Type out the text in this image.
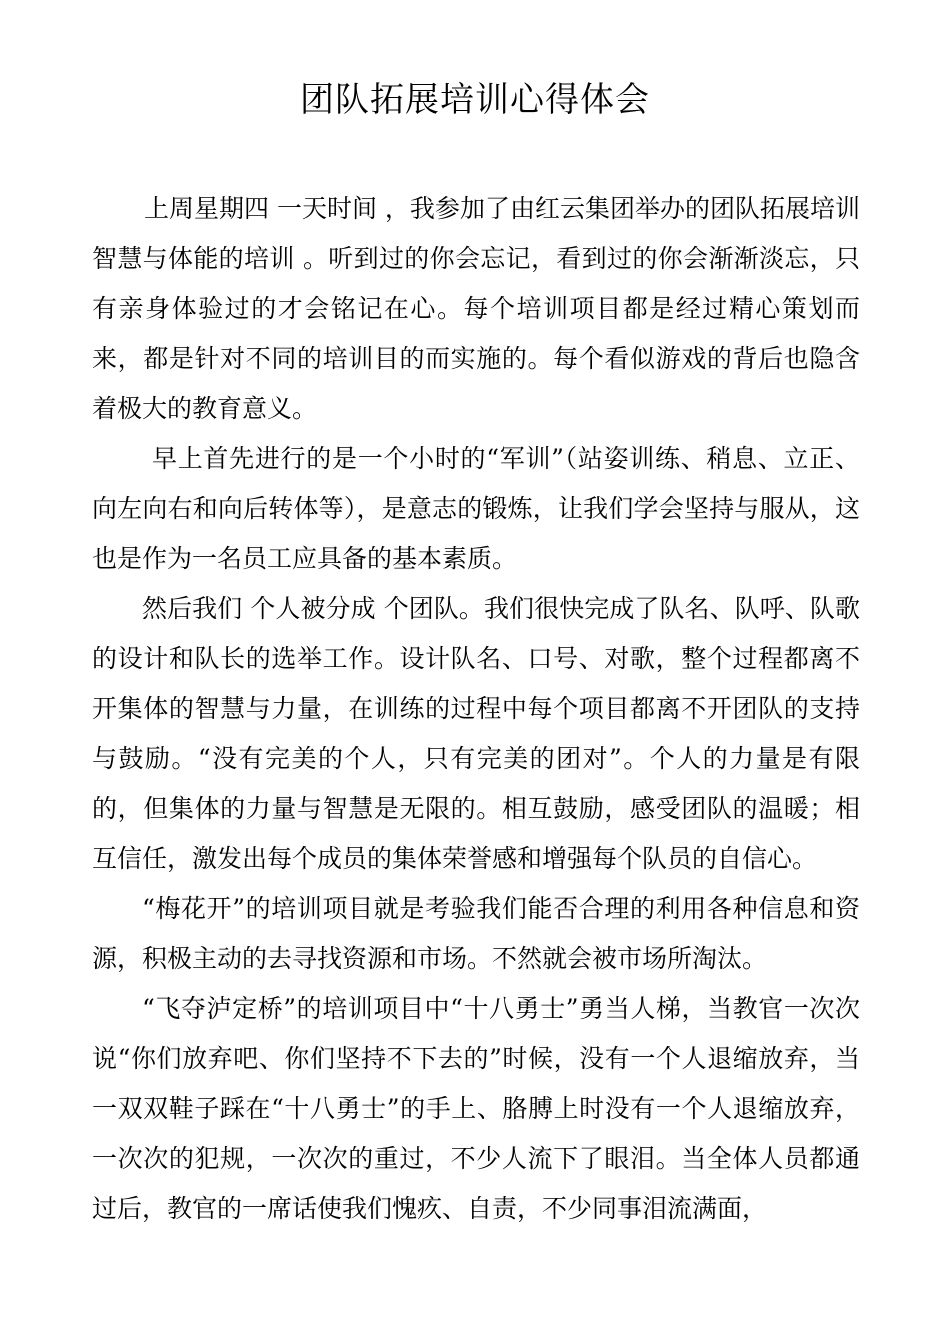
团队拓展培训心得体会

上周星期四 一天时间 ，我参加了由红云集团举办的团队拓展培训 智慧与体能的培训 。听到过的你会忘记，看到过的你会渐渐淡忘，只有亲身体验过的才会铭记在心。每个培训项目都是经过精心策划而来，都是针对不同的培训目的而实施的。每个看似游戏的背后也隐含着极大的教育意义。

早上首先进行的是一个小时的“军训”（站姿训练、稍息、立正、向左向右和向后转体等），是意志的锻炼，让我们学会坚持与服从，这也是作为一名员工应具备的基本素质。

然后我们 个人被分成 个团队。我们很快完成了队名、队呼、队歌的设计和队长的选举工作。设计队名、口号、对歌，整个过程都离不开集体的智慧与力量，在训练的过程中每个项目都离不开团队的支持与鼓励。“没有完美的个人，只有完美的团对”。个人的力量是有限的，但集体的力量与智慧是无限的。相互鼓励，感受团队的温暖；相互信任，激发出每个成员的集体荣誉感和增强每个队员的自信心。

“梅花开”的培训项目就是考验我们能否合理的利用各种信息和资源，积极主动的去寻找资源和市场。不然就会被市场所淘汰。

“飞夺泸定桥”的培训项目中“十八勇士”勇当人梯，当教官一次次说“你们放弃吧、你们坚持不下去的”时候，没有一个人退缩放弃，当一双双鞋子踩在“十八勇士”的手上、胳膊上时没有一个人退缩放弃，一次次的犯规，一次次的重过，不少人流下了眼泪。当全体人员都通过后，教官的一席话使我们愧疚、自责，不少同事泪流满面，
